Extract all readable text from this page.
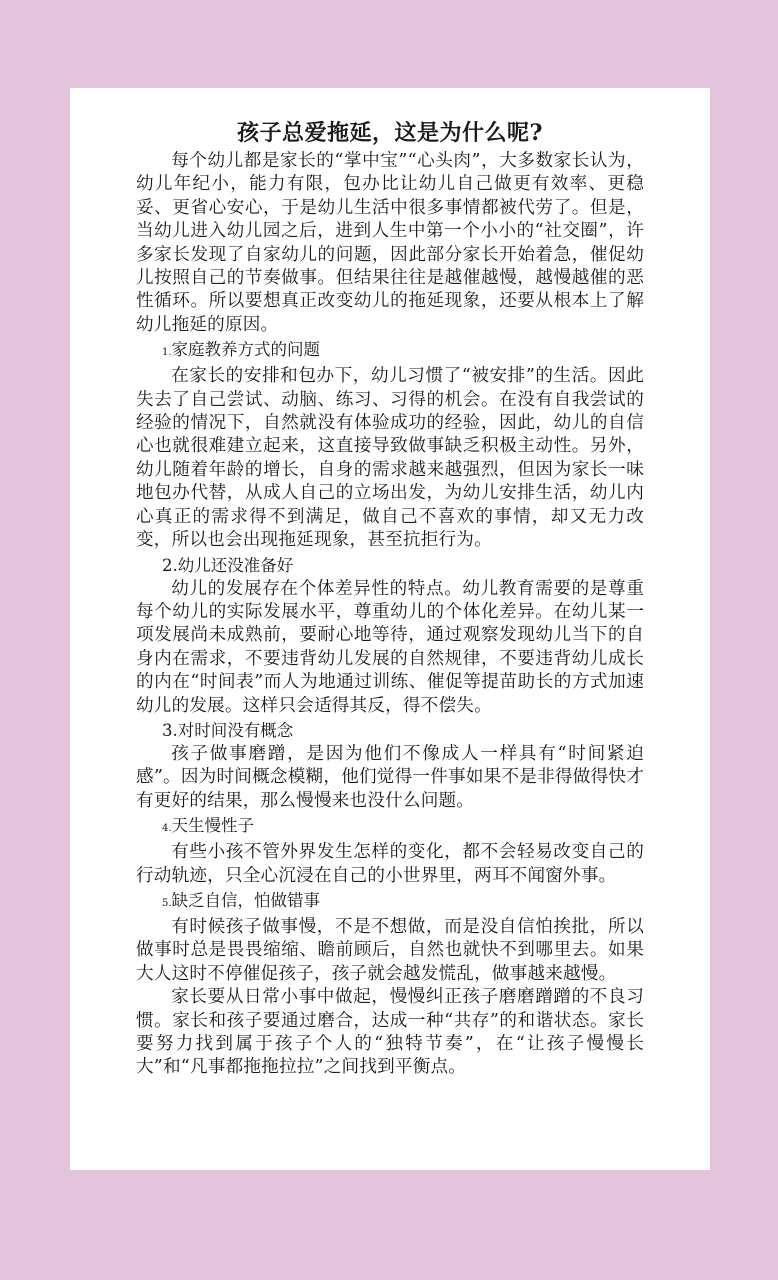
孩子总爱拖延，这是为什么呢?

每个幼儿都是家长的“掌中宝”“心头肉”，大多数家长认为，幼儿年纪小，能力有限，包办比让幼儿自己做更有效率、更稳妥、更省心安心，于是幼儿生活中很多事情都被代劳了。但是，当幼儿进入幼儿园之后，进到人生中第一个小小的“社交圈”，许多家长发现了自家幼儿的问题，因此部分家长开始着急，催促幼儿按照自己的节奏做事。但结果往往是越催越慢，越慢越催的恶性循环。所以要想真正改变幼儿的拖延现象，还要从根本上了解幼儿拖延的原因。

1.家庭教养方式的问题

在家长的安排和包办下，幼儿习惯了“被安排”的生活。因此失去了自己尝试、动脑、练习、习得的机会。在没有自我尝试的经验的情况下，自然就没有体验成功的经验，因此，幼儿的自信心也就很难建立起来，这直接导致做事缺乏积极主动性。另外，幼儿随着年龄的增长，自身的需求越来越强烈，但因为家长一味地包办代替，从成人自己的立场出发，为幼儿安排生活，幼儿内心真正的需求得不到满足，做自己不喜欢的事情，却又无力改变，所以也会出现拖延现象，甚至抗拒行为。

2.幼儿还没准备好

幼儿的发展存在个体差异性的特点。幼儿教育需要的是尊重每个幼儿的实际发展水平，尊重幼儿的个体化差异。在幼儿某一项发展尚未成熟前，要耐心地等待，通过观察发现幼儿当下的自身内在需求，不要违背幼儿发展的自然规律，不要违背幼儿成长的内在“时间表”而人为地通过训练、催促等提苗助长的方式加速幼儿的发展。这样只会适得其反，得不偿失。

3.对时间没有概念

孩子做事磨蹭，是因为他们不像成人一样具有“时间紧迫感”。因为时间概念模糊，他们觉得一件事如果不是非得做得快才有更好的结果，那么慢慢来也没什么问题。

4.天生慢性子

有些小孩不管外界发生怎样的变化，都不会轻易改变自己的行动轨迹，只全心沉浸在自己的小世界里，两耳不闻窗外事。

5.缺乏自信，怕做错事

有时候孩子做事慢，不是不想做，而是没自信怕挨批，所以做事时总是畏畏缩缩、瞻前顾后，自然也就快不到哪里去。如果大人这时不停催促孩子，孩子就会越发慌乱，做事越来越慢。

家长要从日常小事中做起，慢慢纠正孩子磨磨蹭蹭的不良习惯。家长和孩子要通过磨合，达成一种“共存”的和谐状态。家长要努力找到属于孩子个人的“独特节奏”，在“让孩子慢慢长大”和“凡事都拖拖拉拉”之间找到平衡点。
